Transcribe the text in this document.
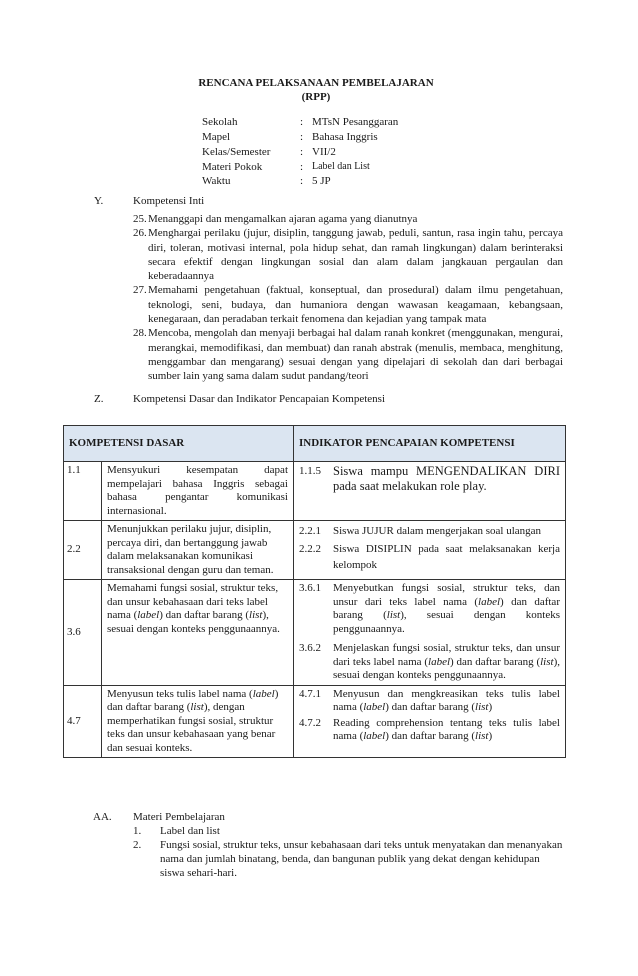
RENCANA PELAKSANAAN PEMBELAJARAN
(RPP)
Sekolah	: MTsN Pesanggaran
Mapel	: Bahasa Inggris
Kelas/Semester	: VII/2
Materi Pokok	: Label dan List
Waktu	: 5 JP
Y.	Kompetensi Inti
25. Menanggapi dan mengamalkan ajaran agama yang dianutnya
26. Menghargai perilaku (jujur, disiplin, tanggung jawab, peduli, santun, rasa ingin tahu, percaya diri, toleran, motivasi internal, pola hidup sehat, dan ramah lingkungan) dalam berinteraksi secara efektif dengan lingkungan sosial dan alam dalam jangkauan pergaulan dan keberadaannya
27. Memahami pengetahuan (faktual, konseptual, dan prosedural) dalam ilmu pengetahuan, teknologi, seni, budaya, dan humaniora dengan wawasan keagamaan, kebangsaan, kenegaraan, dan peradaban terkait fenomena dan kejadian yang tampak mata
28. Mencoba, mengolah dan menyaji berbagai hal dalam ranah konkret (menggunakan, mengurai, merangkai, memodifikasi, dan membuat) dan ranah abstrak (menulis, membaca, menghitung, menggambar dan mengarang) sesuai dengan yang dipelajari di sekolah dan dari berbagai sumber lain yang sama dalam sudut pandang/teori
Z.	Kompetensi Dasar dan Indikator Pencapaian Kompetensi
KOMPETENSI DASAR		INDIKATOR PENCAPAIAN KOMPETENSI
1.1	Mensyukuri kesempatan dapat mempelajari bahasa Inggris sebagai bahasa pengantar komunikasi internasional.	1.1.5 Siswa mampu MENGENDALIKAN DIRI pada saat melakukan role play.

2.2	Menunjukkan perilaku jujur, disiplin, percaya diri, dan bertanggung jawab dalam melaksanakan komunikasi transaksional dengan guru dan teman.	2.2.1 Siswa JUJUR dalam mengerjakan soal ulangan
2.2.2 Siswa DISIPLIN pada saat melaksanakan kerja kelompok

3.6	Memahami fungsi sosial, struktur teks, dan unsur kebahasaan dari teks label nama (label) dan daftar barang (list), sesuai dengan konteks penggunaannya.	3.6.1 Menyebutkan fungsi sosial, struktur teks, dan unsur dari teks label nama (label) dan daftar barang (list), sesuai dengan konteks penggunaannya.
3.6.2 Menjelaskan fungsi sosial, struktur teks, dan unsur dari teks label nama (label) dan daftar barang (list), sesuai dengan konteks penggunaannya.

4.7	Menyusun teks tulis label nama (label) dan daftar barang (list), dengan memperhatikan fungsi sosial, struktur teks dan unsur kebahasaan yang benar dan sesuai konteks.	4.7.1 Menyusun dan mengkreasikan teks tulis label nama (label) dan daftar barang (list)
4.7.2 Reading comprehension tentang teks tulis label nama (label) dan daftar barang (list)
AA. Materi Pembelajaran
1. Label dan list
2. Fungsi sosial, struktur teks, unsur kebahasaan dari teks untuk menyatakan dan menanyakan nama dan jumlah binatang, benda, dan bangunan publik yang dekat dengan kehidupan siswa sehari-hari.
